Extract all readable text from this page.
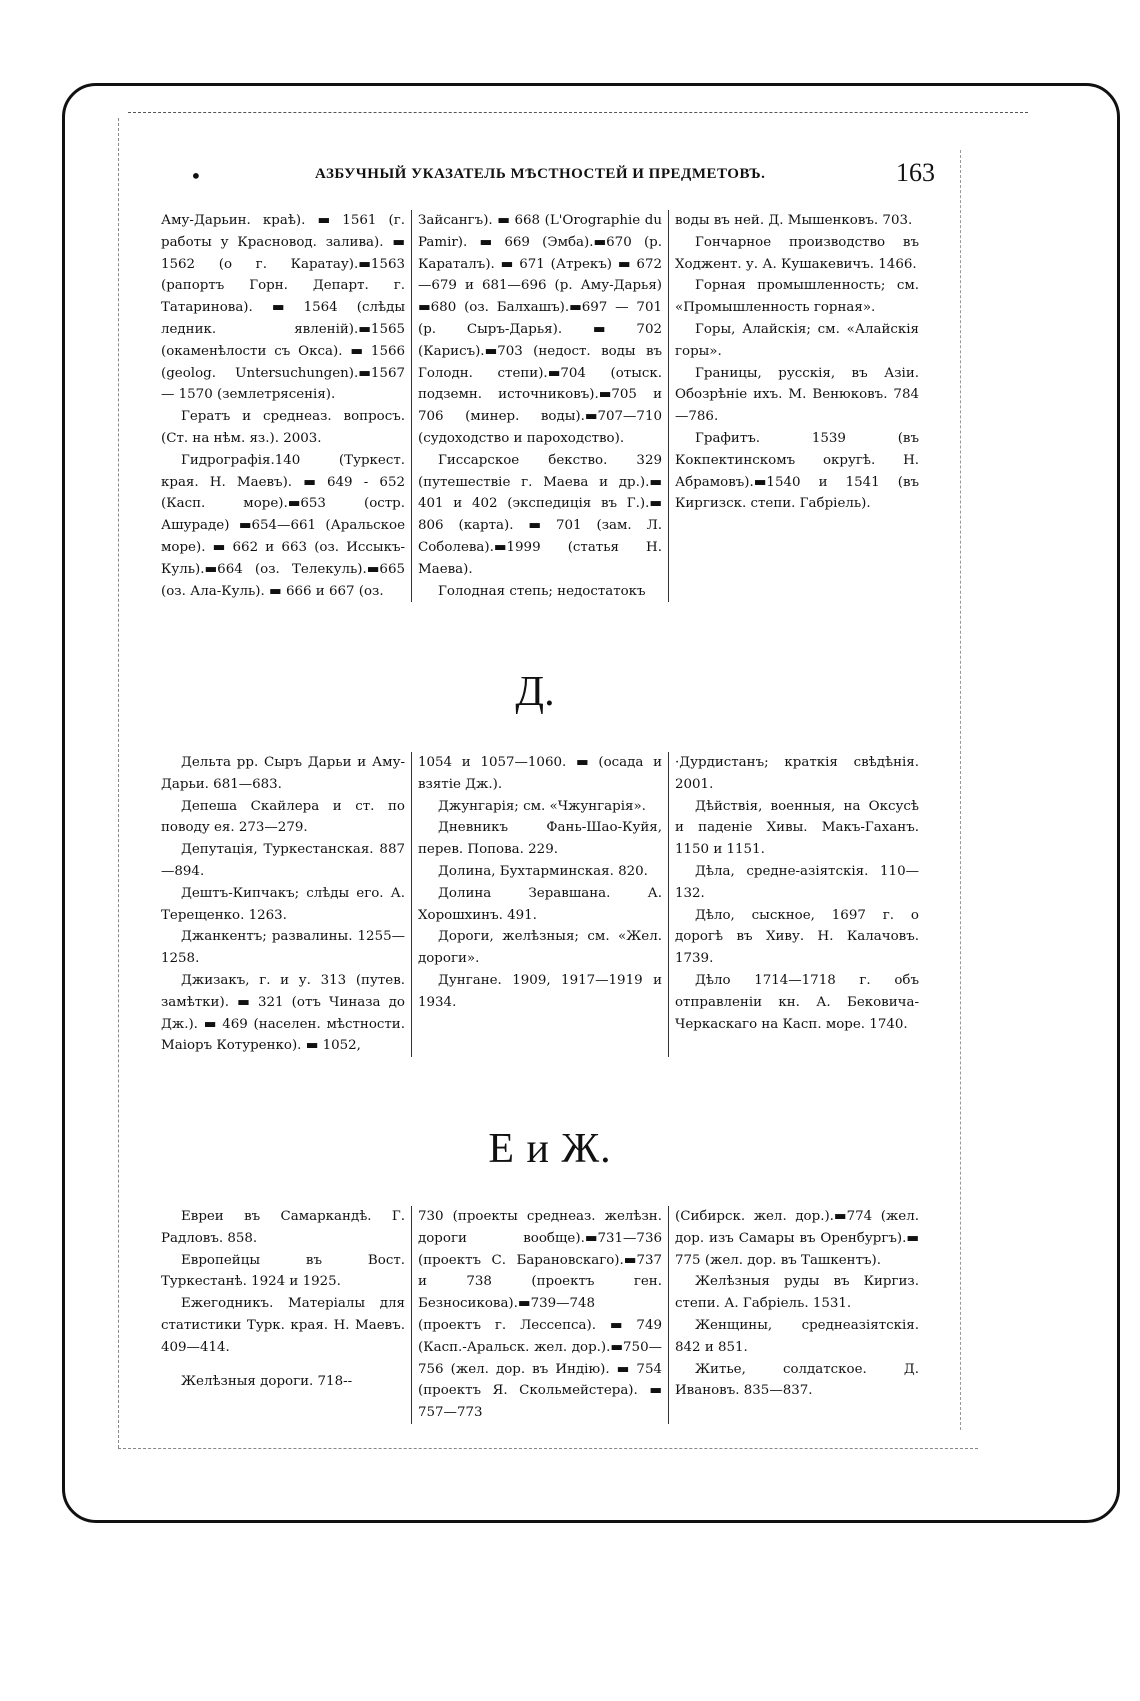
•	АЗБУЧНЫЙ УКАЗАТЕЛЬ МѢСТНОСТЕЙ И ПРЕДМЕТОВЪ.	163

Аму-Дарьин. краѣ). ▬ 1561 (г. работы у Красновод. залива). ▬ 1562 (о г. Каратау).▬1563 (рапортъ Горн. Департ. г. Татаринова). ▬ 1564 (слѣды ледник. явленій).▬1565 (окаменѣлости съ Окса). ▬ 1566 (geolog. Untersuchungen).▬1567 — 1570 (землетрясенія).

Гератъ и среднеаз. вопросъ. (Ст. на нѣм. яз.). 2003.

Гидрографія.140 (Туркест. края. Н. Маевъ). ▬ 649 - 652 (Касп. море).▬653 (остр. Ашураде) ▬654—661 (Аральское море). ▬ 662 и 663 (оз. Иссыкъ-Куль).▬664 (оз. Телекуль).▬665 (оз. Ала-Куль). ▬ 666 и 667 (оз.

Зайсангъ). ▬ 668 (L'Orographie du Pamir). ▬ 669 (Эмба).▬670 (р. Караталъ). ▬ 671 (Атрекъ) ▬ 672—679 и 681—696 (р. Аму-Дарья) ▬680 (оз. Балхашъ).▬697 — 701 (р. Сыръ-Дарья). ▬ 702 (Карисъ).▬703 (недост. воды въ Голодн. степи).▬704 (отыск. подземн. источниковъ).▬705 и 706 (минер. воды).▬707—710 (судоходство и пароходство).

Гиссарское бекство. 329 (путешествіе г. Маева и др.).▬ 401 и 402 (экспедиція въ Г.).▬ 806 (карта). ▬ 701 (зам. Л. Соболева).▬1999 (статья Н. Маева).

Голодная степь; недостатокъ

воды въ ней. Д. Мышенковъ. 703.

Гончарное производство въ Ходжент. у. А. Кушакевичъ. 1466.

Горная промышленность; см. «Промышленность горная».

Горы, Алайскія; см. «Алайскія горы».

Границы, русскія, въ Азіи. Обозрѣніе ихъ. М. Венюковъ. 784—786.

Графитъ. 1539 (въ Кокпектинскомъ округѣ. Н. Абрамовъ).▬1540 и 1541 (въ Киргизск. степи. Габріель).

Д.

Дельта рр. Сыръ Дарьи и Аму-Дарьи. 681—683.

Депеша Скайлера и ст. по поводу ея. 273—279.

Депутація, Туркестанская. 887—894.

Дештъ-Кипчакъ; слѣды его. А. Терещенко. 1263.

Джанкентъ; развалины. 1255—1258.

Джизакъ, г. и у. 313 (путев. замѣтки). ▬ 321 (отъ Чиназа до Дж.). ▬ 469 (населен. мѣстности. Маіоръ Котуренко). ▬ 1052,

1054 и 1057—1060. ▬ (осада и взятіе Дж.).

Джунгарія; см. «Чжунгарія».

Дневникъ Фань-Шао-Куйя, перев. Попова. 229.

Долина, Бухтарминская. 820.

Долина Зеравшана. А. Хорошхинъ. 491.

Дороги, желѣзныя; см. «Жел. дороги».

Дунгане. 1909, 1917—1919 и 1934.

·Дурдистанъ; краткія свѣдѣнія. 2001.

Дѣйствія, военныя, на Оксусѣ и паденіе Хивы. Макъ-Гаханъ. 1150 и 1151.

Дѣла, средне-азіятскія. 110—132.

Дѣло, сыскное, 1697 г. о дорогѣ въ Хиву. Н. Калачовъ. 1739.

Дѣло 1714—1718 г. объ отправленіи кн. А. Бековича-Черкаскаго на Касп. море. 1740.

Е и Ж.

Евреи въ Самаркандѣ. Г. Радловъ. 858.

Европейцы въ Вост. Туркестанѣ. 1924 и 1925.

Ежегодникъ. Матеріалы для статистики Турк. края. Н. Маевъ. 409—414.

Желѣзныя дороги. 718--

730 (проекты среднеаз. желѣзн. дороги вообще).▬731—736 (проектъ С. Барановскаго).▬737 и 738 (проектъ ген. Безносикова).▬739—748 (проектъ г. Лессепса). ▬ 749 (Касп.-Аральск. жел. дор.).▬750—756 (жел. дор. въ Индію). ▬ 754 (проектъ Я. Скольмейстера). ▬ 757—773

(Сибирск. жел. дор.).▬774 (жел. дор. изъ Самары въ Оренбургъ).▬ 775 (жел. дор. въ Ташкентъ).

Желѣзныя руды въ Киргиз. степи. А. Габріель. 1531.

Женщины, среднеазіятскія. 842 и 851.

Житье, солдатское. Д. Ивановъ. 835—837.
